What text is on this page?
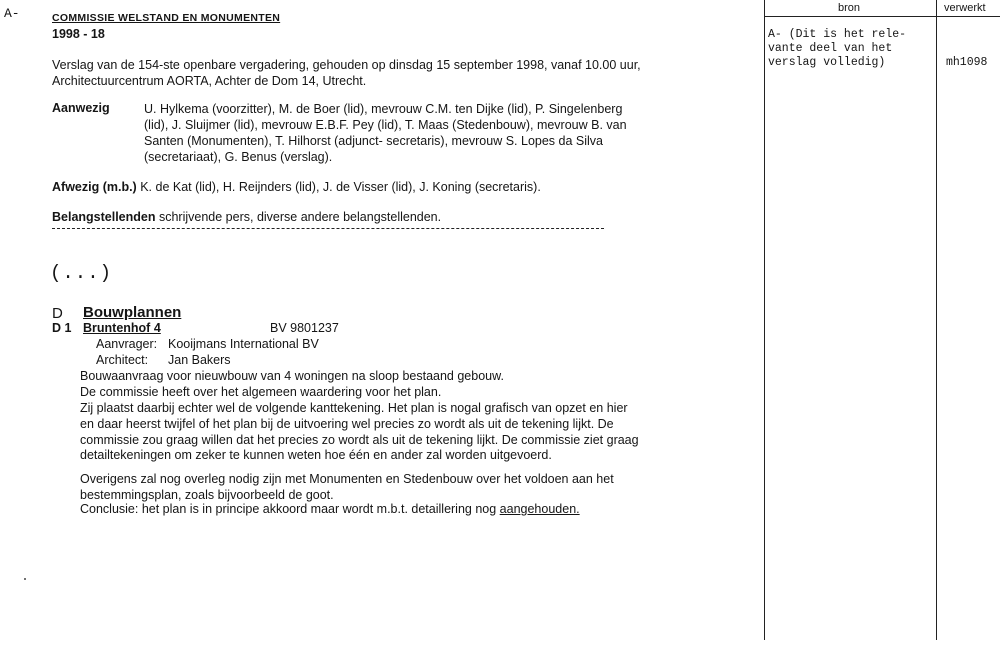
A-	COMMISSIE WELSTAND EN MONUMENTEN
1998 - 18
Verslag van de 154-ste openbare vergadering, gehouden op dinsdag 15 september 1998, vanaf 10.00 uur, Architectuurcentrum AORTA, Achter de Dom 14, Utrecht.
Aanwezig	U. Hylkema (voorzitter), M. de Boer (lid), mevrouw C.M. ten Dijke (lid), P. Singelenberg (lid), J. Sluijmer (lid), mevrouw E.B.F. Pey (lid), T. Maas (Stedenbouw), mevrouw B. van Santen (Monumenten), T. Hilhorst (adjunct- secretaris), mevrouw S. Lopes da Silva (secretariaat), G. Benus (verslag).
Afwezig (m.b.) K. de Kat (lid), H. Reijnders (lid), J. de Visser (lid), J. Koning (secretaris).
Belangstellenden schrijvende pers, diverse andere belangstellenden.
(...)
D Bouwplannen
D 1 Bruntenhof 4	BV 9801237
Aanvrager: Kooijmans International BV
Architect: Jan Bakers
Bouwaanvraag voor nieuwbouw van 4 woningen na sloop bestaand gebouw.
De commissie heeft over het algemeen waardering voor het plan.
Zij plaatst daarbij echter wel de volgende kanttekening. Het plan is nogal grafisch van opzet en hier en daar heerst twijfel of het plan bij de uitvoering wel precies zo wordt als uit de tekening lijkt. De commissie zou graag willen dat het precies zo wordt als uit de tekening lijkt. De commissie ziet graag detailtekeningen om zeker te kunnen weten hoe één en ander zal worden uitgevoerd.
Overigens zal nog overleg nodig zijn met Monumenten en Stedenbouw over het voldoen aan het bestemmingsplan, zoals bijvoorbeeld de goot.
Conclusie: het plan is in principe akkoord maar wordt m.b.t. detaillering nog aangehouden.
bron	verwerkt
A- (Dit is het rele-
vante deel van het
verslag volledig)	mh1098
